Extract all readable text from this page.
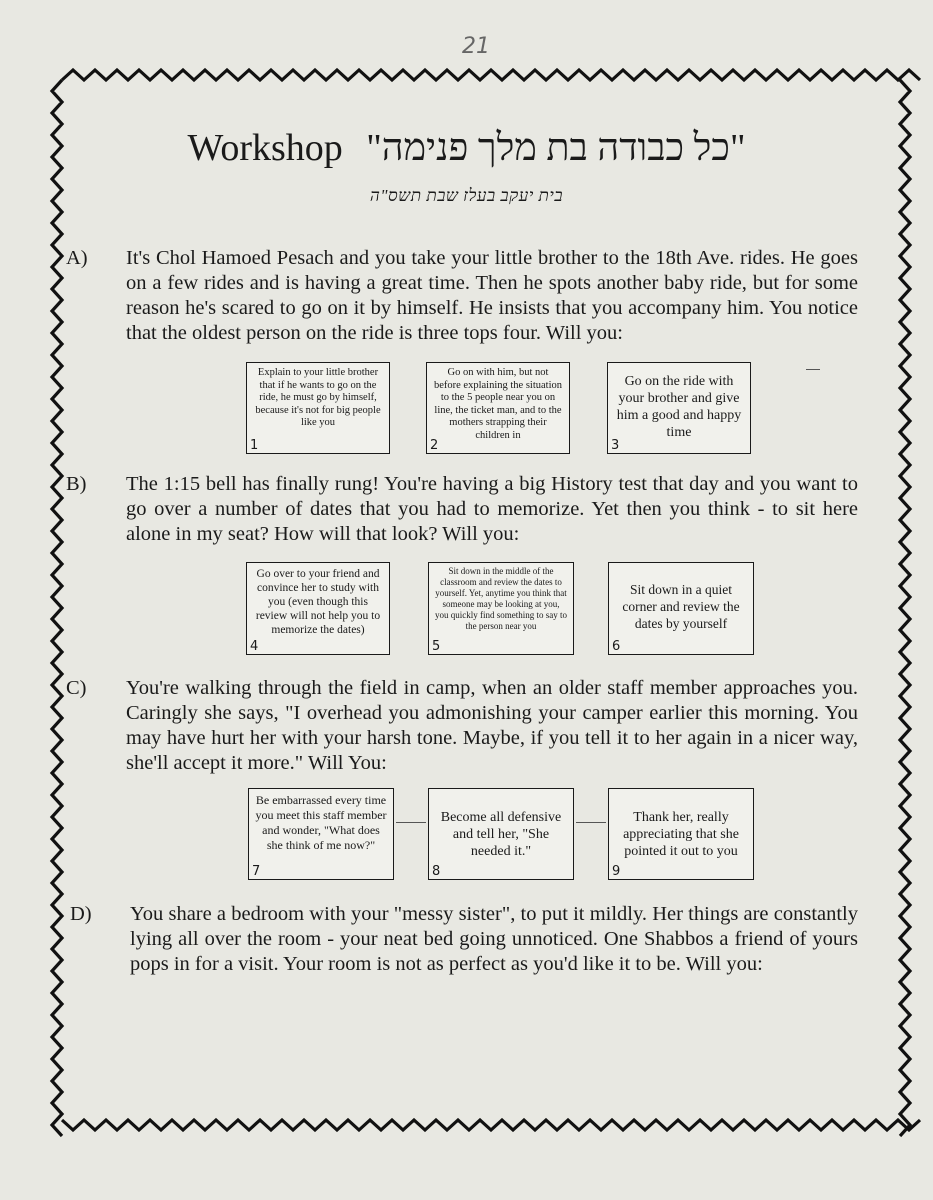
21
Workshop "כל כבודה בת מלך פנימה"
בית יעקב בעלז שבת תשס"ה
A) It's Chol Hamoed Pesach and you take your little brother to the 18th Ave. rides. He goes on a few rides and is having a great time. Then he spots another baby ride, but for some reason he's scared to go on it by himself. He insists that you accompany him. You notice that the oldest person on the ride is three tops four. Will you:
Explain to your little brother that if he wants to go on the ride, he must go by himself, because it's not for big people like you
1
Go on with him, but not before explaining the situation to the 5 people near you on line, the ticket man, and to the mothers strapping their children in
2
Go on the ride with your brother and give him a good and happy time
3
B) The 1:15 bell has finally rung! You're having a big History test that day and you want to go over a number of dates that you had to memorize. Yet then you think - to sit here alone in my seat? How will that look? Will you:
Go over to your friend and convince her to study with you (even though this review will not help you to memorize the dates)
4
Sit down in the middle of the classroom and review the dates to yourself. Yet, anytime you think that someone may be looking at you, you quickly find something to say to the person near you
5
Sit down in a quiet corner and review the dates by yourself
6
C) You're walking through the field in camp, when an older staff member approaches you. Caringly she says, "I overhead you admonishing your camper earlier this morning. You may have hurt her with your harsh tone. Maybe, if you tell it to her again in a nicer way, she'll accept it more." Will You:
Be embarrassed every time you meet this staff member and wonder, "What does she think of me now?"
7
Become all defensive and tell her, "She needed it."
8
Thank her, really appreciating that she pointed it out to you
9
D) You share a bedroom with your "messy sister", to put it mildly. Her things are constantly lying all over the room - your neat bed going unnoticed. One Shabbos a friend of yours pops in for a visit. Your room is not as perfect as you'd like it to be. Will you:
